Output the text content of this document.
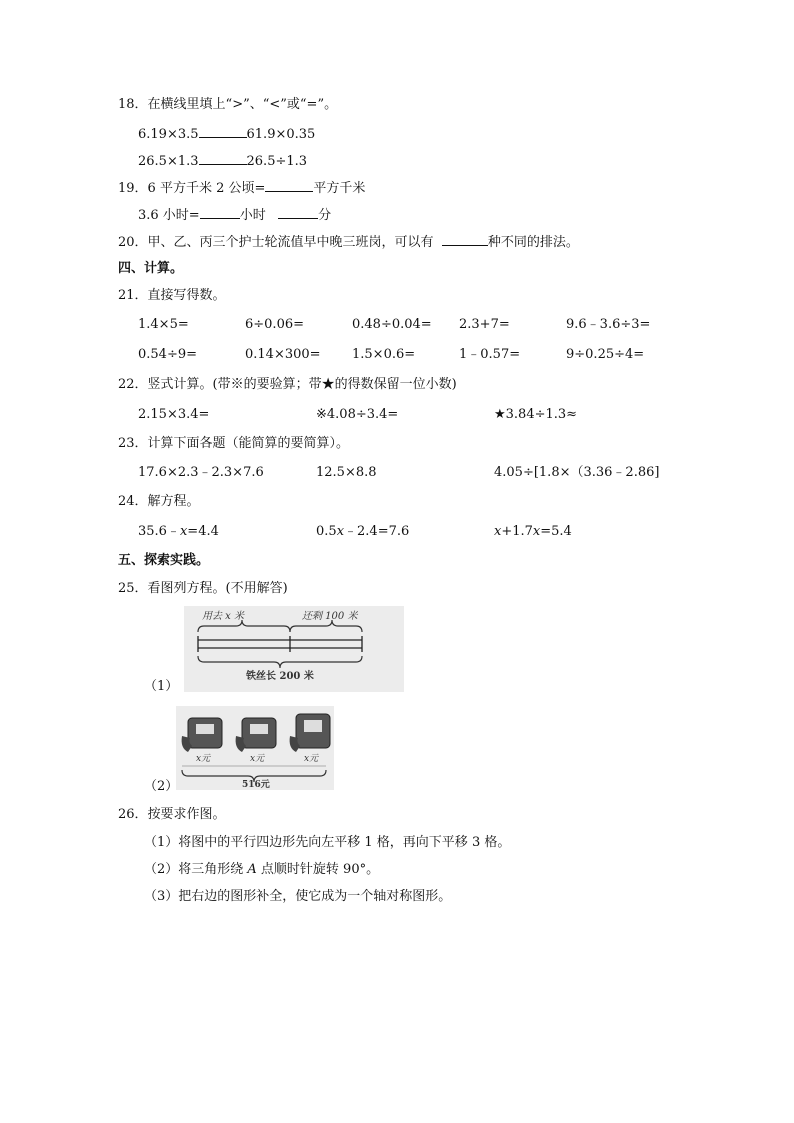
18．在横线里填上“>”、“<”或“=”。
6.19×3.5	61.9×0.35
26.5×1.3	26.5÷1.3
19．6 平方千米 2 公顷=	平方千米
3.6 小时=	小时	分
20．甲、乙、丙三个护士轮流值早中晚三班岗，可以有	种不同的排法。
四、计算。
21．直接写得数。
1.4×5=	6÷0.06=	0.48÷0.04= 2.3+7=	9.6﹣3.6÷3=
0.54÷9=	0.14×300= 1.5×0.6=	1﹣0.57=	9÷0.25÷4=
22．竖式计算。(带※的要验算；带★的得数保留一位小数)
2.15×3.4=	※4.08÷3.4=	★3.84÷1.3≈
23．计算下面各题（能简算的要简算）。
17.6×2.3﹣2.3×7.6	12.5×8.8	4.05÷[1.8×（3.36﹣2.86]
24．解方程。
35.6﹣x=4.4	0.5x﹣2.4=7.6	x+1.7x=5.4
五、探索实践。
25．看图列方程。(不用解答)
用去 x 米	还剩 100 米
铁丝长 200 米
（1）
x元	x元	x元
516元
（2）
26．按要求作图。
（1）将图中的平行四边形先向左平移 1 格，再向下平移 3 格。
（2）将三角形绕 A 点顺时针旋转 90°。
（3）把右边的图形补全，使它成为一个轴对称图形。
